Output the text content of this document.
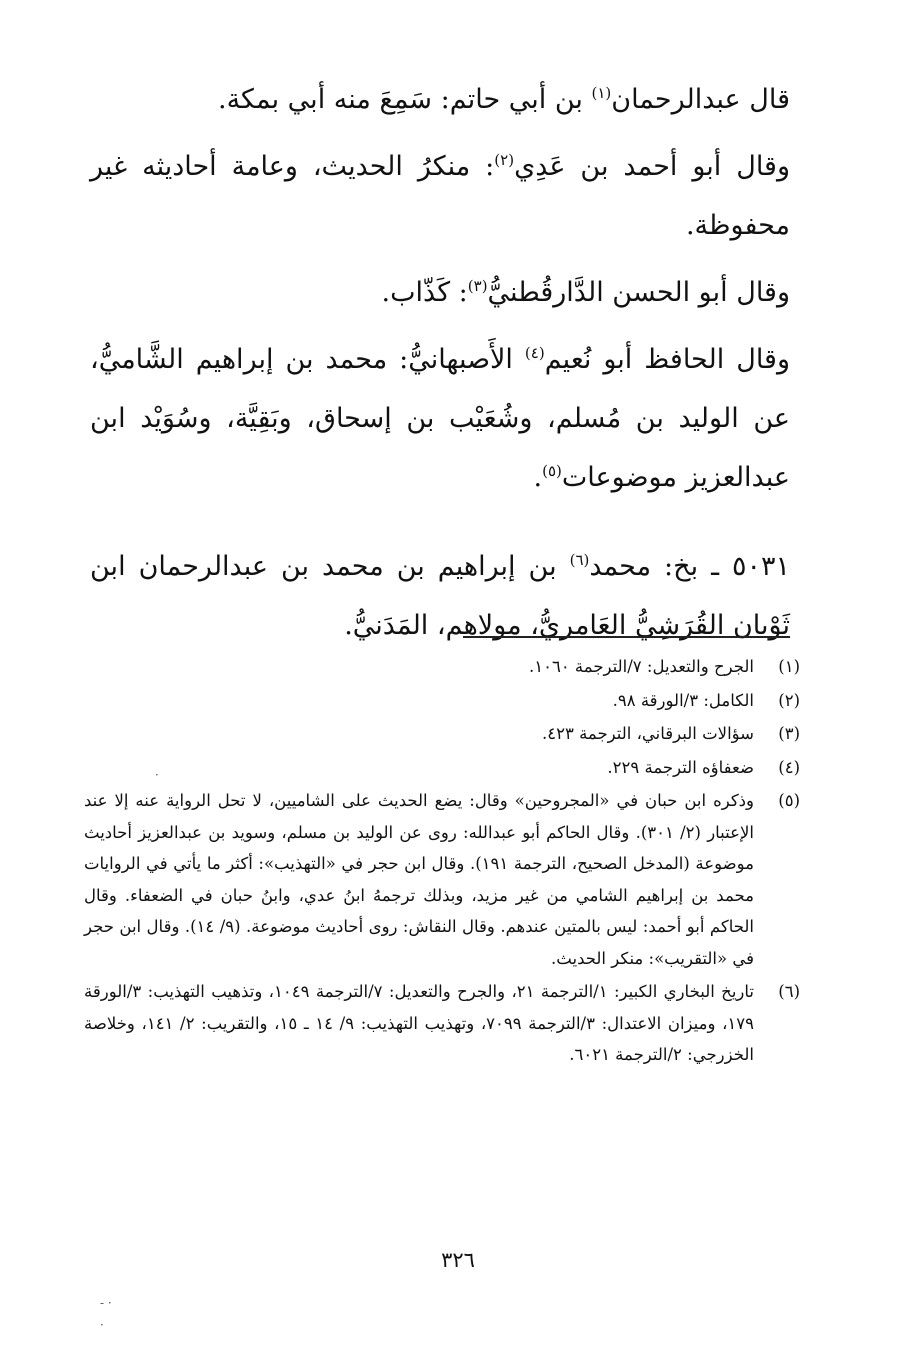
قال عبدالرحمان$^{(١)}$ بن أبي حاتم: سَمِعَ منه أبي بمكة.

وقال أبو أحمد بن عَدِي$^{(٢)}$: منكرُ الحديث، وعامة أحاديثه غير محفوظة.

وقال أبو الحسن الدَّارقُطنيُّ$^{(٣)}$: كَذّاب.

وقال الحافظ أبو نُعيم$^{(٤)}$ الأَصبهانيُّ: محمد بن إبراهيم الشَّاميُّ، عن الوليد بن مُسلم، وشُعَيْب بن إسحاق، وبَقِيَّة، وسُوَيْد ابن عبدالعزيز موضوعات$^{(٥)}$.

٥٠٣١ ـ بخ: محمد$^{(٦)}$ بن إبراهيم بن محمد بن عبدالرحمان ابن ثَوْبان القُرَشِيُّ العَامريُّ، مولاهم، المَدَنيُّ.

(١)
الجرح والتعديل: ٧/الترجمة ١٠٦٠.
(٢)
الكامل: ٣/الورقة ٩٨.
(٣)
سؤالات البرقاني، الترجمة ٤٢٣.
(٤)
ضعفاؤه الترجمة ٢٢٩.
(٥)
وذكره ابن حبان في «المجروحين» وقال: يضع الحديث على الشاميين، لا تحل الرواية عنه إلا عند الإعتبار (٢/ ٣٠١). وقال الحاكم أبو عبدالله: روى عن الوليد بن مسلم، وسويد بن عبدالعزيز أحاديث موضوعة (المدخل الصحيح، الترجمة ١٩١). وقال ابن حجر في «التهذيب»: أكثر ما يأتي في الروايات محمد بن إبراهيم الشامي من غير مزيد، وبذلك ترجمهُ ابنُ عدي، وابنُ حبان في الضعفاء. وقال الحاكم أبو أحمد: ليس بالمتين عندهم. وقال النقاش: روى أحاديث موضوعة. (٩/ ١٤). وقال ابن حجر في «التقريب»: منكر الحديث.
(٦)
تاريخ البخاري الكبير: ١/الترجمة ٢١، والجرح والتعديل: ٧/الترجمة ١٠٤٩، وتذهيب التهذيب: ٣/الورقة ١٧٩، وميزان الاعتدال: ٣/الترجمة ٧٠٩٩، وتهذيب التهذيب: ٩/ ١٤ ـ ١٥، والتقريب: ٢/ ١٤١، وخلاصة الخزرجي: ٢/الترجمة ٦٠٢١.
٣٢٦
·
· -
·
